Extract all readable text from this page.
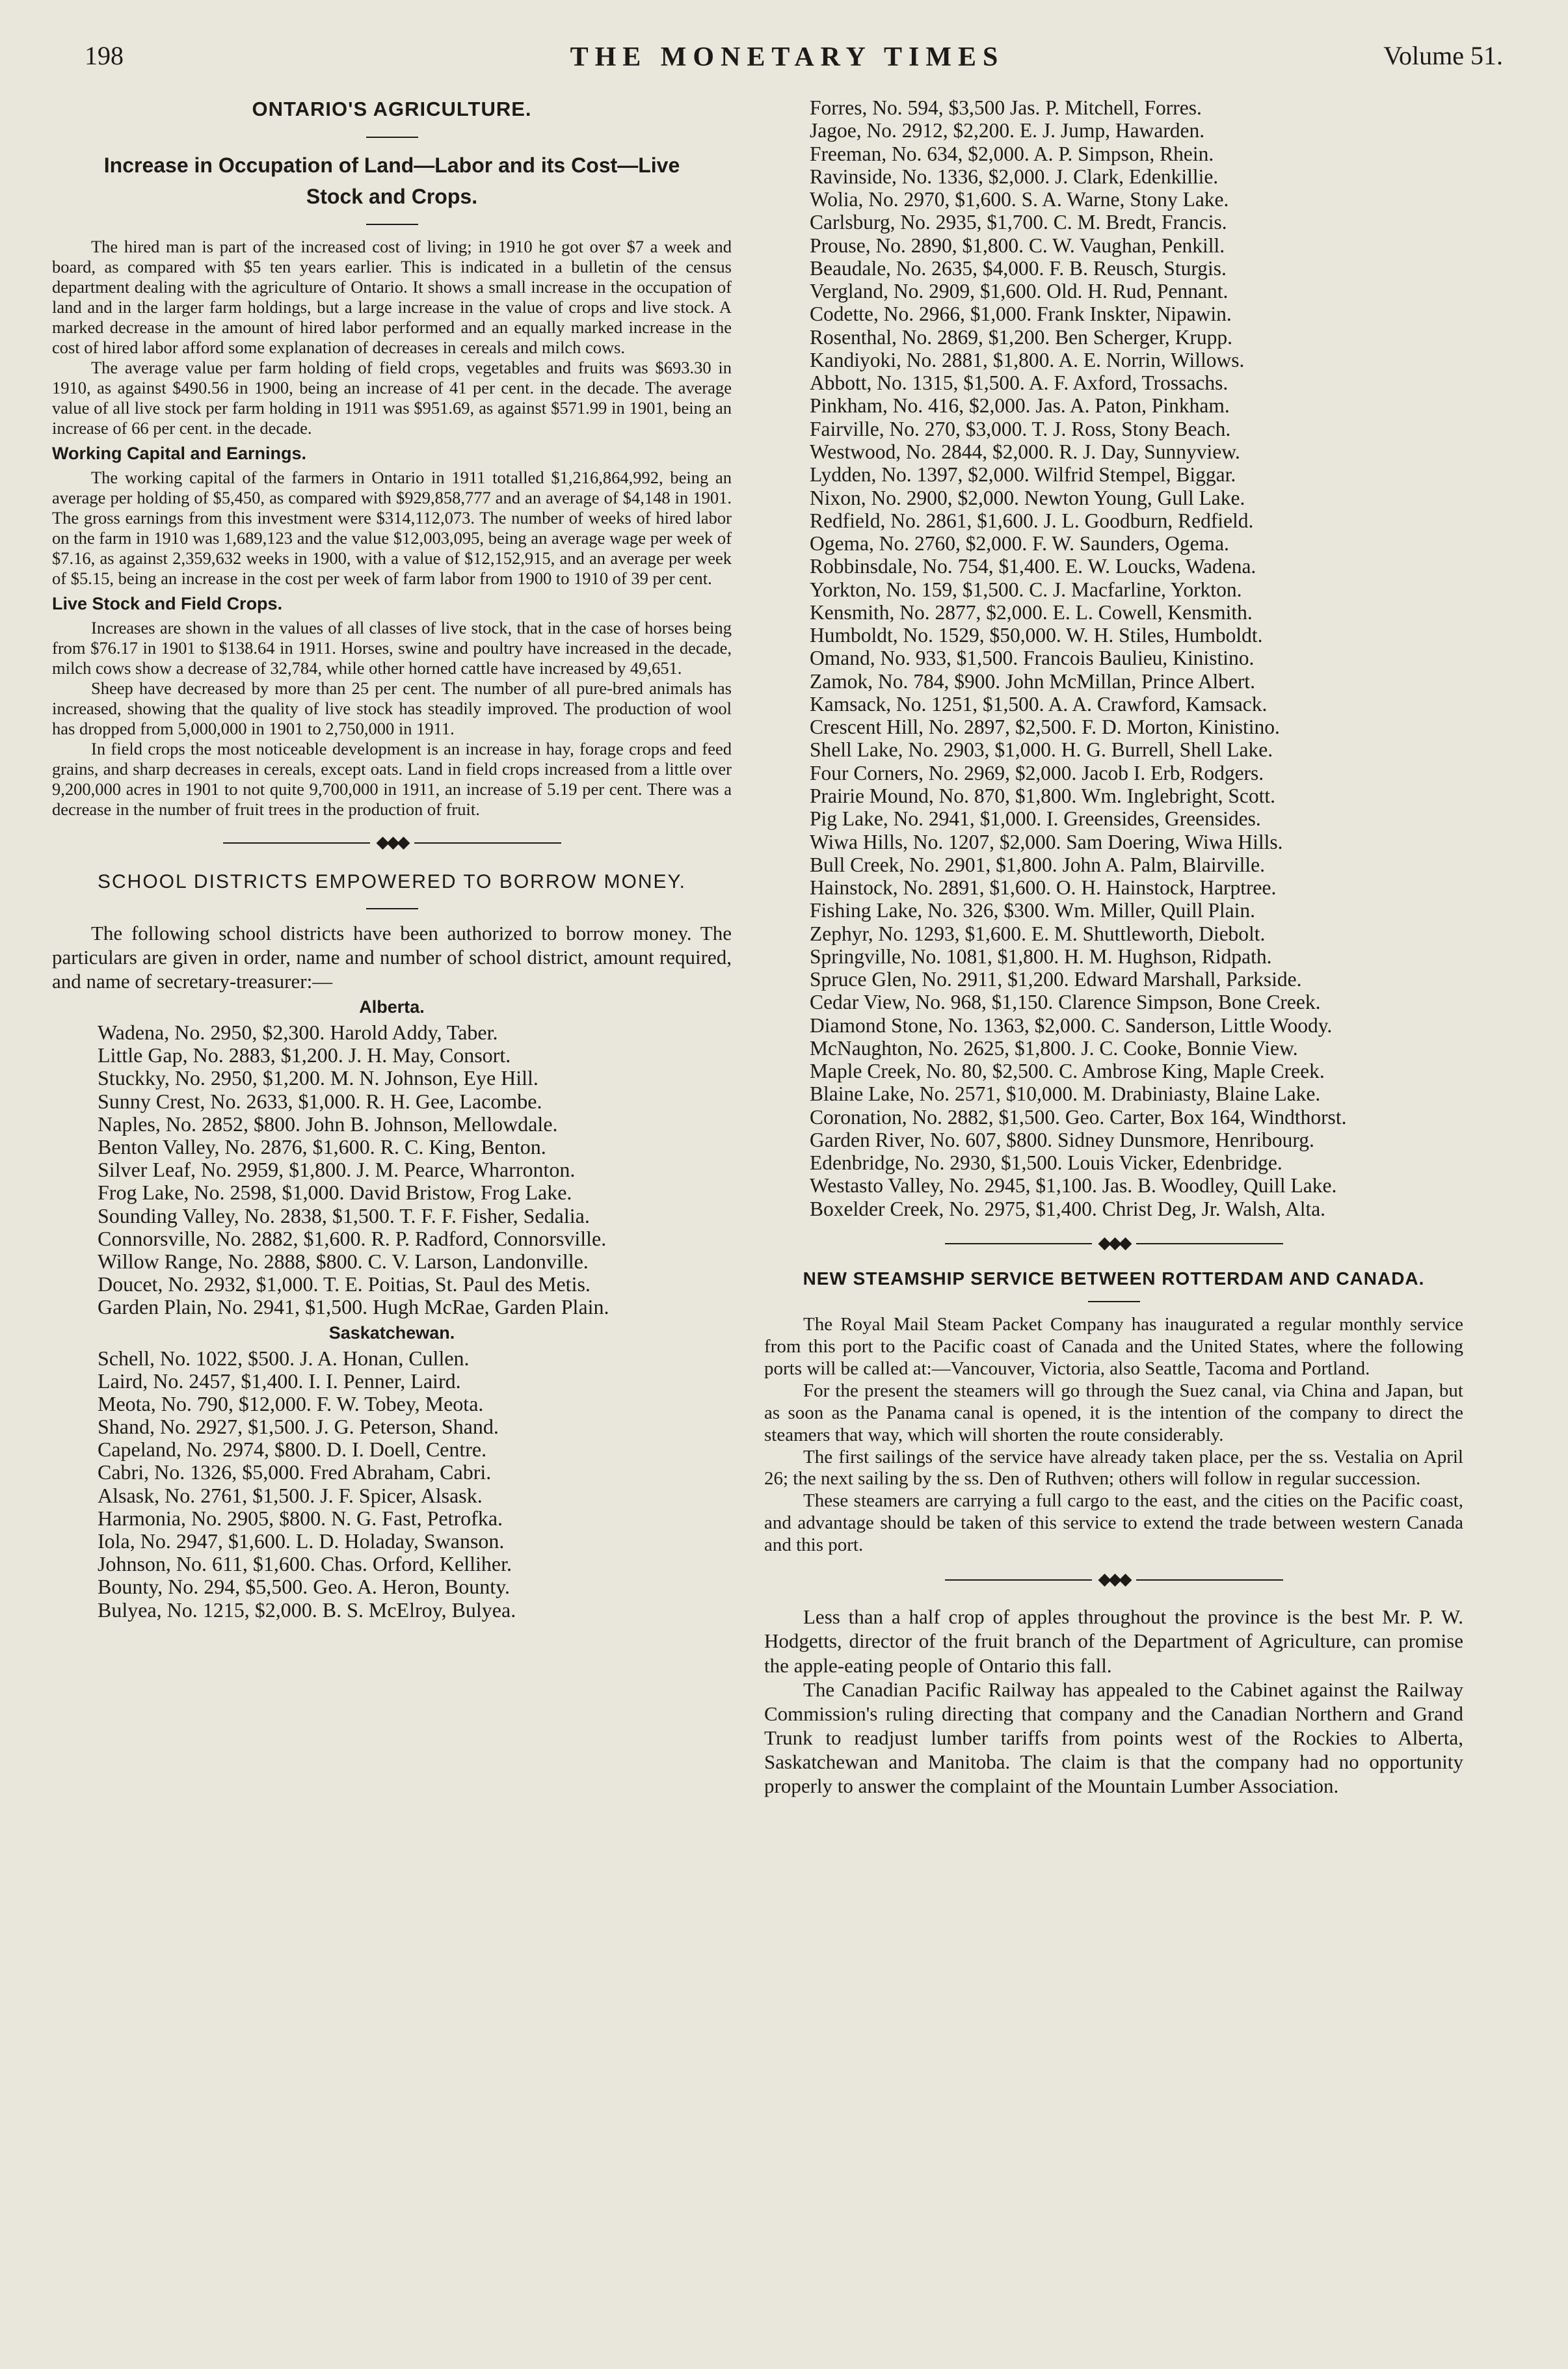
198	THE MONETARY TIMES	Volume 51.
ONTARIO'S AGRICULTURE.
Increase in Occupation of Land—Labor and its Cost—Live Stock and Crops.

The hired man is part of the increased cost of living; in 1910 he got over $7 a week and board, as compared with $5 ten years earlier. This is indicated in a bulletin of the census department dealing with the agriculture of Ontario. It shows a small increase in the occupation of land and in the larger farm holdings, but a large increase in the value of crops and live stock. A marked decrease in the amount of hired labor performed and an equally marked increase in the cost of hired labor afford some explanation of decreases in cereals and milch cows.

The average value per farm holding of field crops, vegetables and fruits was $693.30 in 1910, as against $490.56 in 1900, being an increase of 41 per cent. in the decade. The average value of all live stock per farm holding in 1911 was $951.69, as against $571.99 in 1901, being an increase of 66 per cent. in the decade.

Working Capital and Earnings.

The working capital of the farmers in Ontario in 1911 totalled $1,216,864,992, being an average per holding of $5,450, as compared with $929,858,777 and an average of $4,148 in 1901. The gross earnings from this investment were $314,112,073. The number of weeks of hired labor on the farm in 1910 was 1,689,123 and the value $12,003,095, being an average wage per week of $7.16, as against 2,359,632 weeks in 1900, with a value of $12,152,915, and an average per week of $5.15, being an increase in the cost per week of farm labor from 1900 to 1910 of 39 per cent.

Live Stock and Field Crops.

Increases are shown in the values of all classes of live stock, that in the case of horses being from $76.17 in 1901 to $138.64 in 1911. Horses, swine and poultry have increased in the decade, milch cows show a decrease of 32,784, while other horned cattle have increased by 49,651.

Sheep have decreased by more than 25 per cent. The number of all pure-bred animals has increased, showing that the quality of live stock has steadily improved. The production of wool has dropped from 5,000,000 in 1901 to 2,750,000 in 1911.

In field crops the most noticeable development is an increase in hay, forage crops and feed grains, and sharp decreases in cereals, except oats. Land in field crops increased from a little over 9,200,000 acres in 1901 to not quite 9,700,000 in 1911, an increase of 5.19 per cent. There was a decrease in the number of fruit trees in the production of fruit.

◆◆◆
SCHOOL DISTRICTS EMPOWERED TO BORROW MONEY.

The following school districts have been authorized to borrow money. The particulars are given in order, name and number of school district, amount required, and name of secretary-treasurer:—

Alberta.
Wadena, No. 2950, $2,300. Harold Addy, Taber.
Little Gap, No. 2883, $1,200. J. H. May, Consort.
Stuckky, No. 2950, $1,200. M. N. Johnson, Eye Hill.
Sunny Crest, No. 2633, $1,000. R. H. Gee, Lacombe.
Naples, No. 2852, $800. John B. Johnson, Mellowdale.
Benton Valley, No. 2876, $1,600. R. C. King, Benton.
Silver Leaf, No. 2959, $1,800. J. M. Pearce, Wharronton.
Frog Lake, No. 2598, $1,000. David Bristow, Frog Lake.
Sounding Valley, No. 2838, $1,500. T. F. F. Fisher, Sedalia.
Connorsville, No. 2882, $1,600. R. P. Radford, Connorsville.
Willow Range, No. 2888, $800. C. V. Larson, Landonville.
Doucet, No. 2932, $1,000. T. E. Poitias, St. Paul des Metis.
Garden Plain, No. 2941, $1,500. Hugh McRae, Garden Plain.
Saskatchewan.
Schell, No. 1022, $500. J. A. Honan, Cullen.
Laird, No. 2457, $1,400. I. I. Penner, Laird.
Meota, No. 790, $12,000. F. W. Tobey, Meota.
Shand, No. 2927, $1,500. J. G. Peterson, Shand.
Capeland, No. 2974, $800. D. I. Doell, Centre.
Cabri, No. 1326, $5,000. Fred Abraham, Cabri.
Alsask, No. 2761, $1,500. J. F. Spicer, Alsask.
Harmonia, No. 2905, $800. N. G. Fast, Petrofka.
Iola, No. 2947, $1,600. L. D. Holaday, Swanson.
Johnson, No. 611, $1,600. Chas. Orford, Kelliher.
Bounty, No. 294, $5,500. Geo. A. Heron, Bounty.
Bulyea, No. 1215, $2,000. B. S. McElroy, Bulyea.
Forres, No. 594, $3,500 Jas. P. Mitchell, Forres.
Jagoe, No. 2912, $2,200. E. J. Jump, Hawarden.
Freeman, No. 634, $2,000. A. P. Simpson, Rhein.
Ravinside, No. 1336, $2,000. J. Clark, Edenkillie.
Wolia, No. 2970, $1,600. S. A. Warne, Stony Lake.
Carlsburg, No. 2935, $1,700. C. M. Bredt, Francis.
Prouse, No. 2890, $1,800. C. W. Vaughan, Penkill.
Beaudale, No. 2635, $4,000. F. B. Reusch, Sturgis.
Vergland, No. 2909, $1,600. Old. H. Rud, Pennant.
Codette, No. 2966, $1,000. Frank Inskter, Nipawin.
Rosenthal, No. 2869, $1,200. Ben Scherger, Krupp.
Kandiyoki, No. 2881, $1,800. A. E. Norrin, Willows.
Abbott, No. 1315, $1,500. A. F. Axford, Trossachs.
Pinkham, No. 416, $2,000. Jas. A. Paton, Pinkham.
Fairville, No. 270, $3,000. T. J. Ross, Stony Beach.
Westwood, No. 2844, $2,000. R. J. Day, Sunnyview.
Lydden, No. 1397, $2,000. Wilfrid Stempel, Biggar.
Nixon, No. 2900, $2,000. Newton Young, Gull Lake.
Redfield, No. 2861, $1,600. J. L. Goodburn, Redfield.
Ogema, No. 2760, $2,000. F. W. Saunders, Ogema.
Robbinsdale, No. 754, $1,400. E. W. Loucks, Wadena.
Yorkton, No. 159, $1,500. C. J. Macfarline, Yorkton.
Kensmith, No. 2877, $2,000. E. L. Cowell, Kensmith.
Humboldt, No. 1529, $50,000. W. H. Stiles, Humboldt.
Omand, No. 933, $1,500. Francois Baulieu, Kinistino.
Zamok, No. 784, $900. John McMillan, Prince Albert.
Kamsack, No. 1251, $1,500. A. A. Crawford, Kamsack.
Crescent Hill, No. 2897, $2,500. F. D. Morton, Kinistino.
Shell Lake, No. 2903, $1,000. H. G. Burrell, Shell Lake.
Four Corners, No. 2969, $2,000. Jacob I. Erb, Rodgers.
Prairie Mound, No. 870, $1,800. Wm. Inglebright, Scott.
Pig Lake, No. 2941, $1,000. I. Greensides, Greensides.
Wiwa Hills, No. 1207, $2,000. Sam Doering, Wiwa Hills.
Bull Creek, No. 2901, $1,800. John A. Palm, Blairville.
Hainstock, No. 2891, $1,600. O. H. Hainstock, Harptree.
Fishing Lake, No. 326, $300. Wm. Miller, Quill Plain.
Zephyr, No. 1293, $1,600. E. M. Shuttleworth, Diebolt.
Springville, No. 1081, $1,800. H. M. Hughson, Ridpath.
Spruce Glen, No. 2911, $1,200. Edward Marshall, Parkside.
Cedar View, No. 968, $1,150. Clarence Simpson, Bone Creek.
Diamond Stone, No. 1363, $2,000. C. Sanderson, Little Woody.
McNaughton, No. 2625, $1,800. J. C. Cooke, Bonnie View.
Maple Creek, No. 80, $2,500. C. Ambrose King, Maple Creek.
Blaine Lake, No. 2571, $10,000. M. Drabiniasty, Blaine Lake.
Coronation, No. 2882, $1,500. Geo. Carter, Box 164, Windthorst.
Garden River, No. 607, $800. Sidney Dunsmore, Henribourg.
Edenbridge, No. 2930, $1,500. Louis Vicker, Edenbridge.
Westasto Valley, No. 2945, $1,100. Jas. B. Woodley, Quill Lake.
Boxelder Creek, No. 2975, $1,400. Christ Deg, Jr. Walsh, Alta.
◆◆◆
NEW STEAMSHIP SERVICE BETWEEN ROTTERDAM AND CANADA.

The Royal Mail Steam Packet Company has inaugurated a regular monthly service from this port to the Pacific coast of Canada and the United States, where the following ports will be called at:—Vancouver, Victoria, also Seattle, Tacoma and Portland.

For the present the steamers will go through the Suez canal, via China and Japan, but as soon as the Panama canal is opened, it is the intention of the company to direct the steamers that way, which will shorten the route considerably.

The first sailings of the service have already taken place, per the ss. Vestalia on April 26; the next sailing by the ss. Den of Ruthven; others will follow in regular succession.

These steamers are carrying a full cargo to the east, and the cities on the Pacific coast, and advantage should be taken of this service to extend the trade between western Canada and this port.

◆◆◆

Less than a half crop of apples throughout the province is the best Mr. P. W. Hodgetts, director of the fruit branch of the Department of Agriculture, can promise the apple-eating people of Ontario this fall.

The Canadian Pacific Railway has appealed to the Cabinet against the Railway Commission's ruling directing that company and the Canadian Northern and Grand Trunk to readjust lumber tariffs from points west of the Rockies to Alberta, Saskatchewan and Manitoba. The claim is that the company had no opportunity properly to answer the complaint of the Mountain Lumber Association.
